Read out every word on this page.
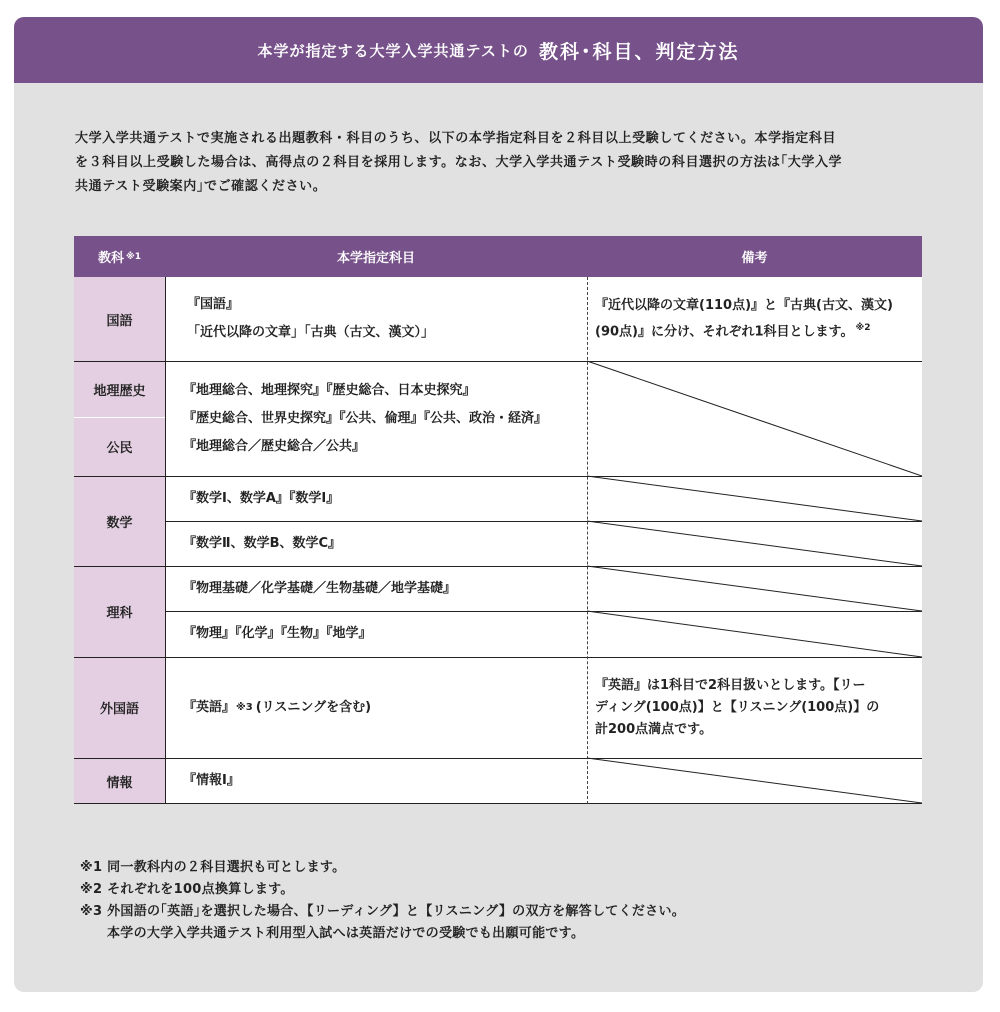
本学が指定する大学入学共通テストの 教科･科目、判定方法
大学入学共通テストで実施される出題教科・科目のうち、以下の本学指定科目を２科目以上受験してください。本学指定科目
を３科目以上受験した場合は、高得点の２科目を採用します。なお、大学入学共通テスト受験時の科目選択の方法は｢大学入学
共通テスト受験案内｣でご確認ください。
教科 ※1	本学指定科目	備考
国語
地理歴史
公民
数学
理科
外国語
情報
『国語』
「近代以降の文章」「古典（古文、漢文）」
『地理総合、地理探究』『歴史総合、日本史探究』
『歴史総合、世界史探究』『公共、倫理』『公共、政治・経済』
『地理総合／歴史総合／公共』
『数学Ⅰ、数学A』『数学Ⅰ』
『数学Ⅱ、数学B、数学C』
『物理基礎／化学基礎／生物基礎／地学基礎』
『物理』『化学』『生物』『地学』
『英語』 ※3 (リスニングを含む)
『情報Ⅰ』
『近代以降の文章(110点)』と『古典(古文、漢文)
(90点)』に分け、それぞれ1科目とします。 $^{※2}$
『英語』は1科目で2科目扱いとします。【リー
ディング(100点)】と【リスニング(100点)】の
計200点満点です。
※1 同一教科内の２科目選択も可とします。
※2 それぞれを100点換算します。
※3 外国語の｢英語｣を選択した場合、【リーディング】と【リスニング】の双方を解答してください。
本学の大学入学共通テスト利用型入試へは英語だけでの受験でも出願可能です。
